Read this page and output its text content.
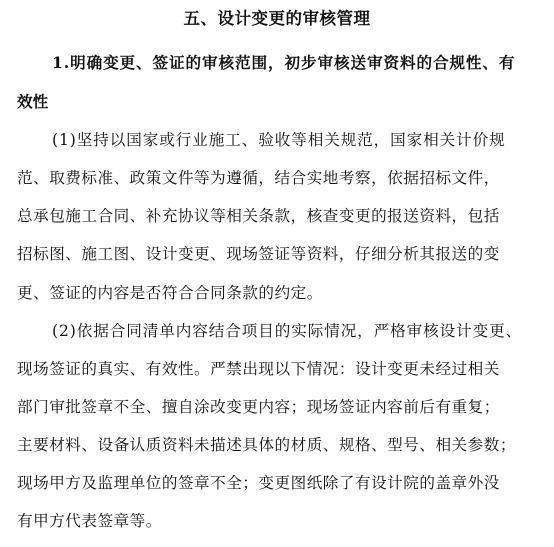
五、设计变更的审核管理
1.明确变更、签证的审核范围，初步审核送审资料的合规性、有
效性
(1)坚持以国家或行业施工、验收等相关规范，国家相关计价规
范、取费标准、政策文件等为遵循，结合实地考察，依据招标文件，
总承包施工合同、补充协议等相关条款，核查变更的报送资料，包括
招标图、施工图、设计变更、现场签证等资料，仔细分析其报送的变
更、签证的内容是否符合合同条款的约定。
(2)依据合同清单内容结合项目的实际情况，严格审核设计变更、
现场签证的真实、有效性。严禁出现以下情况：设计变更未经过相关
部门审批签章不全、擅自涂改变更内容；现场签证内容前后有重复；
主要材料、设备认质资料未描述具体的材质、规格、型号、相关参数；
现场甲方及监理单位的签章不全；变更图纸除了有设计院的盖章外没
有甲方代表签章等。
